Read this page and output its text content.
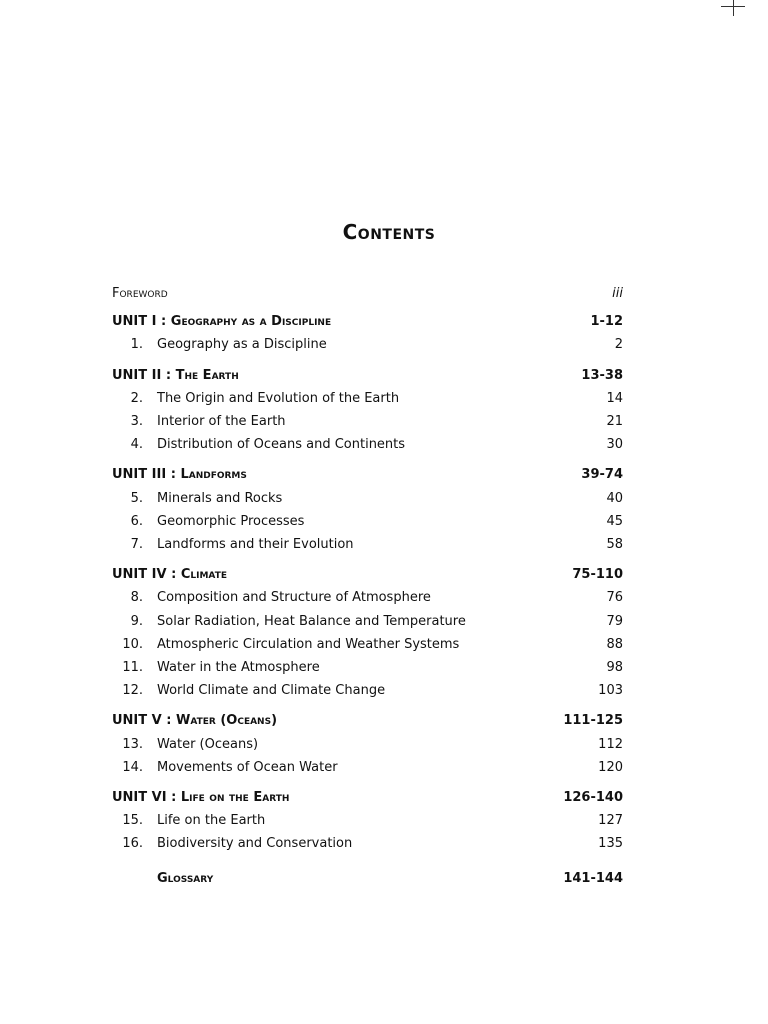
Contents
Foreword	iii
UNIT I : Geography as a Discipline	1-12
1.	Geography as a Discipline	2
UNIT II : The Earth	13-38
2.	The Origin and Evolution of the Earth	14
3.	Interior of the Earth	21
4.	Distribution of Oceans and Continents	30
UNIT III : Landforms	39-74
5.	Minerals and Rocks	40
6.	Geomorphic Processes	45
7.	Landforms and their Evolution	58
UNIT IV : Climate	75-110
8.	Composition and Structure of Atmosphere	76
9.	Solar Radiation, Heat Balance and Temperature	79
10.	Atmospheric Circulation and Weather Systems	88
11.	Water in the Atmosphere	98
12.	World Climate and Climate Change	103
UNIT V : Water (Oceans)	111-125
13.	Water (Oceans)	112
14.	Movements of Ocean Water	120
UNIT VI : Life on the Earth	126-140
15.	Life on the Earth	127
16.	Biodiversity and Conservation	135
Glossary	141-144
